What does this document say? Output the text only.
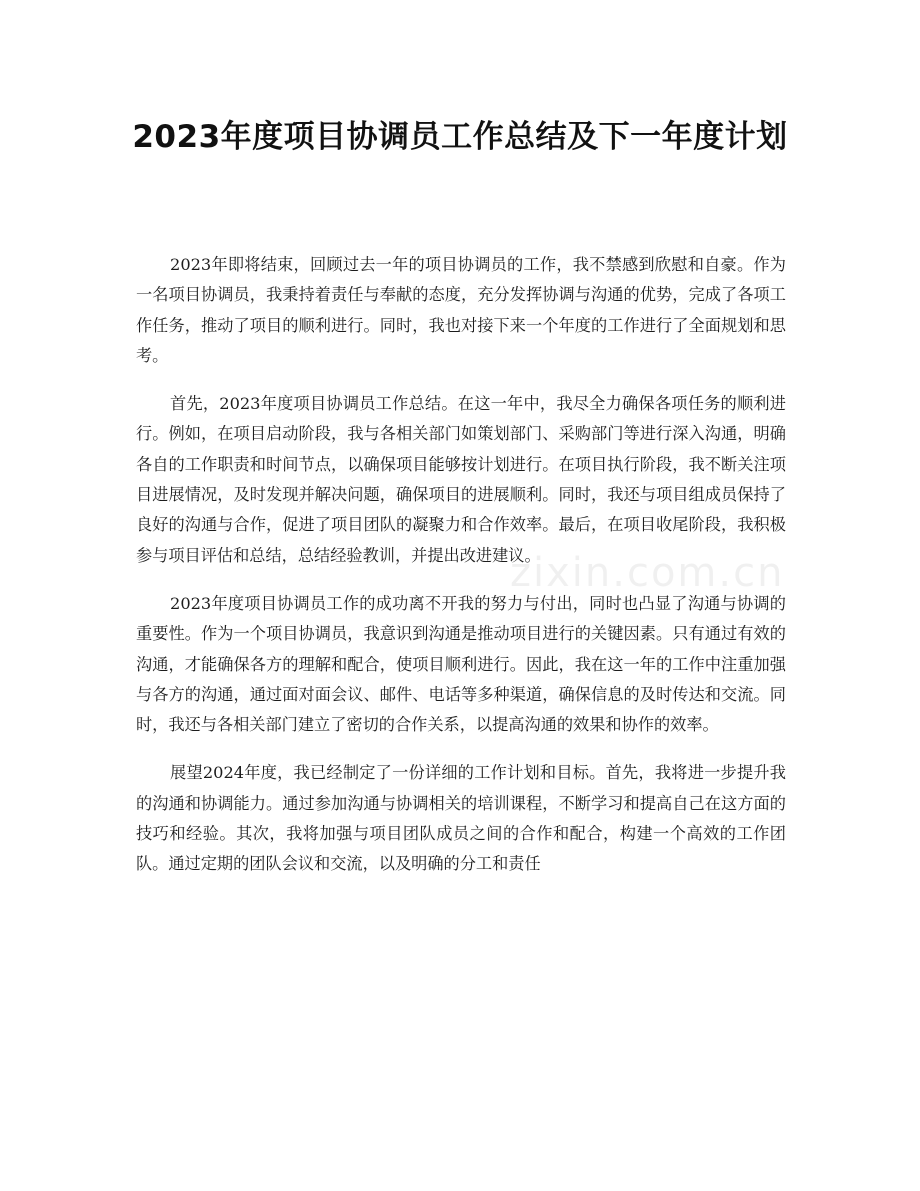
2023年度项目协调员工作总结及下一年度计划

2023年即将结束，回顾过去一年的项目协调员的工作，我不禁感到欣慰和自豪。作为一名项目协调员，我秉持着责任与奉献的态度，充分发挥协调与沟通的优势，完成了各项工作任务，推动了项目的顺利进行。同时，我也对接下来一个年度的工作进行了全面规划和思考。

首先，2023年度项目协调员工作总结。在这一年中，我尽全力确保各项任务的顺利进行。例如，在项目启动阶段，我与各相关部门如策划部门、采购部门等进行深入沟通，明确各自的工作职责和时间节点，以确保项目能够按计划进行。在项目执行阶段，我不断关注项目进展情况，及时发现并解决问题，确保项目的进展顺利。同时，我还与项目组成员保持了良好的沟通与合作，促进了项目团队的凝聚力和合作效率。最后，在项目收尾阶段，我积极参与项目评估和总结，总结经验教训，并提出改进建议。

2023年度项目协调员工作的成功离不开我的努力与付出，同时也凸显了沟通与协调的重要性。作为一个项目协调员，我意识到沟通是推动项目进行的关键因素。只有通过有效的沟通，才能确保各方的理解和配合，使项目顺利进行。因此，我在这一年的工作中注重加强与各方的沟通，通过面对面会议、邮件、电话等多种渠道，确保信息的及时传达和交流。同时，我还与各相关部门建立了密切的合作关系，以提高沟通的效果和协作的效率。

展望2024年度，我已经制定了一份详细的工作计划和目标。首先，我将进一步提升我的沟通和协调能力。通过参加沟通与协调相关的培训课程，不断学习和提高自己在这方面的技巧和经验。其次，我将加强与项目团队成员之间的合作和配合，构建一个高效的工作团队。通过定期的团队会议和交流，以及明确的分工和责任

zixin.com.cn
